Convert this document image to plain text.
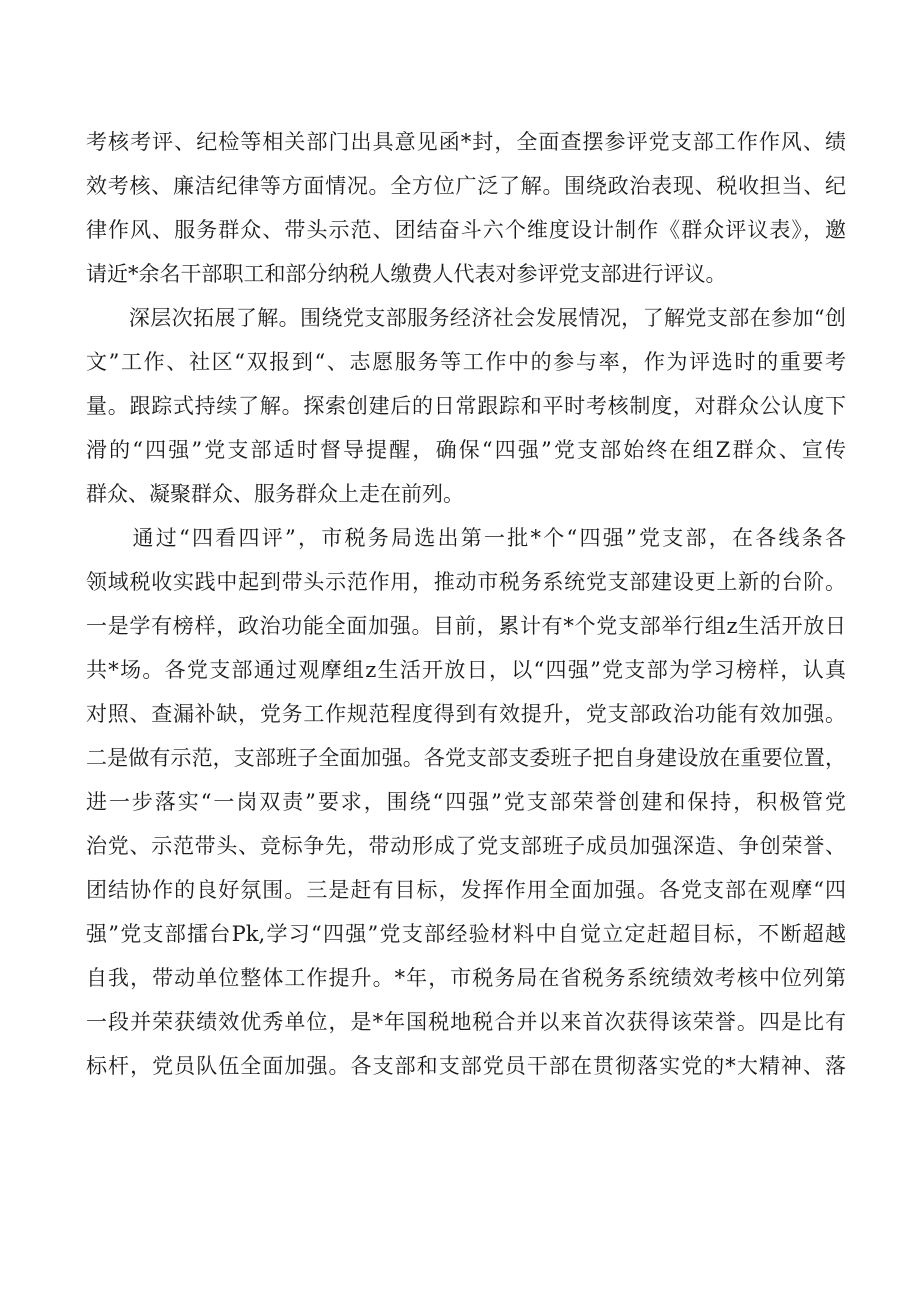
考核考评、纪检等相关部门出具意见函*封，全面查摆参评党支部工作作风、绩
效考核、廉洁纪律等方面情况。全方位广泛了解。围绕政治表现、税收担当、纪
律作风、服务群众、带头示范、团结奋斗六个维度设计制作《群众评议表》，邀
请近*余名干部职工和部分纳税人缴费人代表对参评党支部进行评议。
　　深层次拓展了解。围绕党支部服务经济社会发展情况，了解党支部在参加“创
文”工作、社区“双报到“、志愿服务等工作中的参与率，作为评选时的重要考
量。跟踪式持续了解。探索创建后的日常跟踪和平时考核制度，对群众公认度下
滑的“四强”党支部适时督导提醒，确保“四强”党支部始终在组Z群众、宣传
群众、凝聚群众、服务群众上走在前列。
　　通过“四看四评”，市税务局选出第一批*个“四强”党支部，在各线条各
领域税收实践中起到带头示范作用，推动市税务系统党支部建设更上新的台阶。
一是学有榜样，政治功能全面加强。目前，累计有*个党支部举行组z生活开放日
共*场。各党支部通过观摩组z生活开放日，以“四强”党支部为学习榜样，认真
对照、查漏补缺，党务工作规范程度得到有效提升，党支部政治功能有效加强。
二是做有示范，支部班子全面加强。各党支部支委班子把自身建设放在重要位置，
进一步落实“一岗双责”要求，围绕“四强”党支部荣誉创建和保持，积极管党
治党、示范带头、竞标争先，带动形成了党支部班子成员加强深造、争创荣誉、
团结协作的良好氛围。三是赶有目标，发挥作用全面加强。各党支部在观摩“四
强”党支部擂台Pk,学习“四强”党支部经验材料中自觉立定赶超目标，不断超越
自我，带动单位整体工作提升。*年，市税务局在省税务系统绩效考核中位列第
一段并荣获绩效优秀单位，是*年国税地税合并以来首次获得该荣誉。四是比有
标杆，党员队伍全面加强。各支部和支部党员干部在贯彻落实党的*大精神、落
